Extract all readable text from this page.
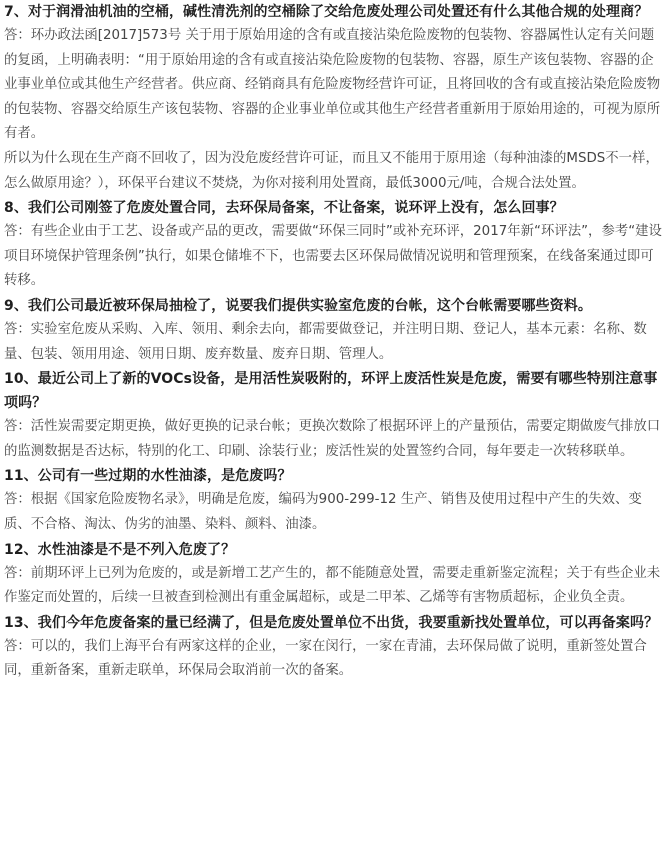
7、对于润滑油机油的空桶，碱性清洗剂的空桶除了交给危废处理公司处置还有什么其他合规的处理商？

答：环办政法函[2017]573号 关于用于原始用途的含有或直接沾染危险废物的包装物、容器属性认定有关问题的复函，上明确表明：“用于原始用途的含有或直接沾染危险废物的包装物、容器，原生产该包装物、容器的企业事业单位或其他生产经营者。供应商、经销商具有危险废物经营许可证，且将回收的含有或直接沾染危险废物的包装物、容器交给原生产该包装物、容器的企业事业单位或其他生产经营者重新用于原始用途的，可视为原所有者。

所以为什么现在生产商不回收了，因为没危废经营许可证，而且又不能用于原用途（每种油漆的MSDS不一样，怎么做原用途？），环保平台建议不焚烧，为你对接利用处置商，最低3000元/吨，合规合法处置。

8、我们公司刚签了危废处置合同，去环保局备案，不让备案，说环评上没有，怎么回事？

答：有些企业由于工艺、设备或产品的更改，需要做“环保三同时”或补充环评，2017年新“环评法”，参考“建设项目环境保护管理条例”执行，如果仓储堆不下，也需要去区环保局做情况说明和管理预案，在线备案通过即可转移。

9、我们公司最近被环保局抽检了，说要我们提供实验室危废的台帐，这个台帐需要哪些资料。

答：实验室危废从采购、入库、领用、剩余去向，都需要做登记，并注明日期、登记人，基本元素：名称、数量、包装、领用用途、领用日期、废弃数量、废弃日期、管理人。

10、最近公司上了新的VOCs设备，是用活性炭吸附的，环评上废活性炭是危废，需要有哪些特别注意事项吗？

答：活性炭需要定期更换，做好更换的记录台帐；更换次数除了根据环评上的产量预估，需要定期做废气排放口的监测数据是否达标，特别的化工、印刷、涂装行业；废活性炭的处置签约合同，每年要走一次转移联单。

11、公司有一些过期的水性油漆，是危废吗？

答：根据《国家危险废物名录》，明确是危废，编码为900-299-12 生产、销售及使用过程中产生的失效、变质、不合格、淘汰、伪劣的油墨、染料、颜料、油漆。

12、水性油漆是不是不列入危废了？

答：前期环评上已列为危废的，或是新增工艺产生的，都不能随意处置，需要走重新鉴定流程；关于有些企业未作鉴定而处置的，后续一旦被查到检测出有重金属超标，或是二甲苯、乙烯等有害物质超标，企业负全责。

13、我们今年危废备案的量已经满了，但是危废处置单位不出货，我要重新找处置单位，可以再备案吗？

答：可以的，我们上海平台有两家这样的企业，一家在闵行，一家在青浦，去环保局做了说明，重新签处置合同，重新备案，重新走联单，环保局会取消前一次的备案。
